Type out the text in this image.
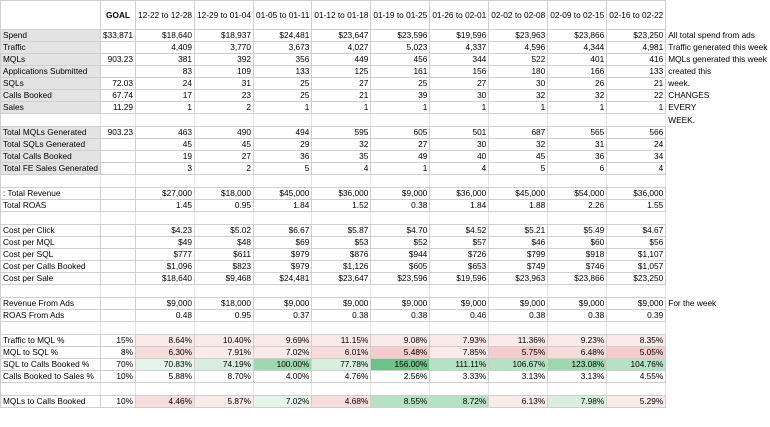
	GOAL	12-22 to 12-28	12-29 to 01-04	01-05 to 01-11	01-12 to 01-18	01-19 to 01-25	01-26 to 02-01	02-02 to 02-08	02-09 to 02-15	02-16 to 02-22	
Spend	$33,871	$18,640	$18,937	$24,481	$23,647	$23,596	$19,596	$23,963	$23,866	$23,250	All total spend from ads
Traffic		4,409	3,770	3,673	4,027	5,023	4,337	4,596	4,344	4,981	Traffic generated this week
MQLs	903.23	381	392	356	449	456	344	522	401	416	MQLs generated this week
Applications Submitted		83	109	133	125	161	156	180	166	133	created this
SQLs	72.03	24	31	25	27	25	27	30	26	21	week.
Calls Booked	67.74	17	23	25	21	39	30	32	32	22	CHANGES
Sales	11.29	1	2	1	1	1	1	1	1	1	EVERY
											WEEK.
Total MQLs Generated	903.23	463	490	494	595	605	501	687	565	566	
Total SQLs Generated		45	45	29	32	27	30	32	31	24	
Total Calls Booked		19	27	36	35	49	40	45	36	34	
Total FE Sales Generated		3	2	5	4	1	4	5	6	4	

: Total Revenue		$27,000	$18,000	$45,000	$36,000	$9,000	$36,000	$45,000	$54,000	$36,000	
Total ROAS		1.45	0.95	1.84	1.52	0.38	1.84	1.88	2.26	1.55	

Cost per Click		$4.23	$5.02	$6.67	$5.87	$4.70	$4.52	$5.21	$5.49	$4.67	
Cost per MQL		$49	$48	$69	$53	$52	$57	$46	$60	$56	
Cost per SQL		$777	$611	$979	$876	$944	$726	$799	$918	$1,107	
Cost per Calls Booked		$1,096	$823	$979	$1,126	$605	$653	$749	$746	$1,057	
Cost per Sale		$18,640	$9,468	$24,481	$23,647	$23,596	$19,596	$23,963	$23,866	$23,250	

Revenue From Ads		$9,000	$18,000	$9,000	$9,000	$9,000	$9,000	$9,000	$9,000	$9,000	For the week
ROAS From Ads		0.48	0.95	0.37	0.38	0.38	0.46	0.38	0.38	0.39	

Traffic to MQL %	15%	8.64%	10.40%	9.69%	11.15%	9.08%	7.93%	11.36%	9.23%	8.35%	
MQL to SQL %	8%	6.30%	7.91%	7.02%	6.01%	5.48%	7.85%	5.75%	6.48%	5.05%	
SQL to Calls Booked %	70%	70.83%	74.19%	100.00%	77.78%	156.00%	111.11%	106.67%	123.08%	104.76%	
Calls Booked to Sales %	10%	5.88%	8.70%	4.00%	4.76%	2.56%	3.33%	3.13%	3.13%	4.55%	

MQLs to Calls Booked	10%	4.46%	5.87%	7.02%	4.68%	8.55%	8.72%	6.13%	7.98%	5.29%	
